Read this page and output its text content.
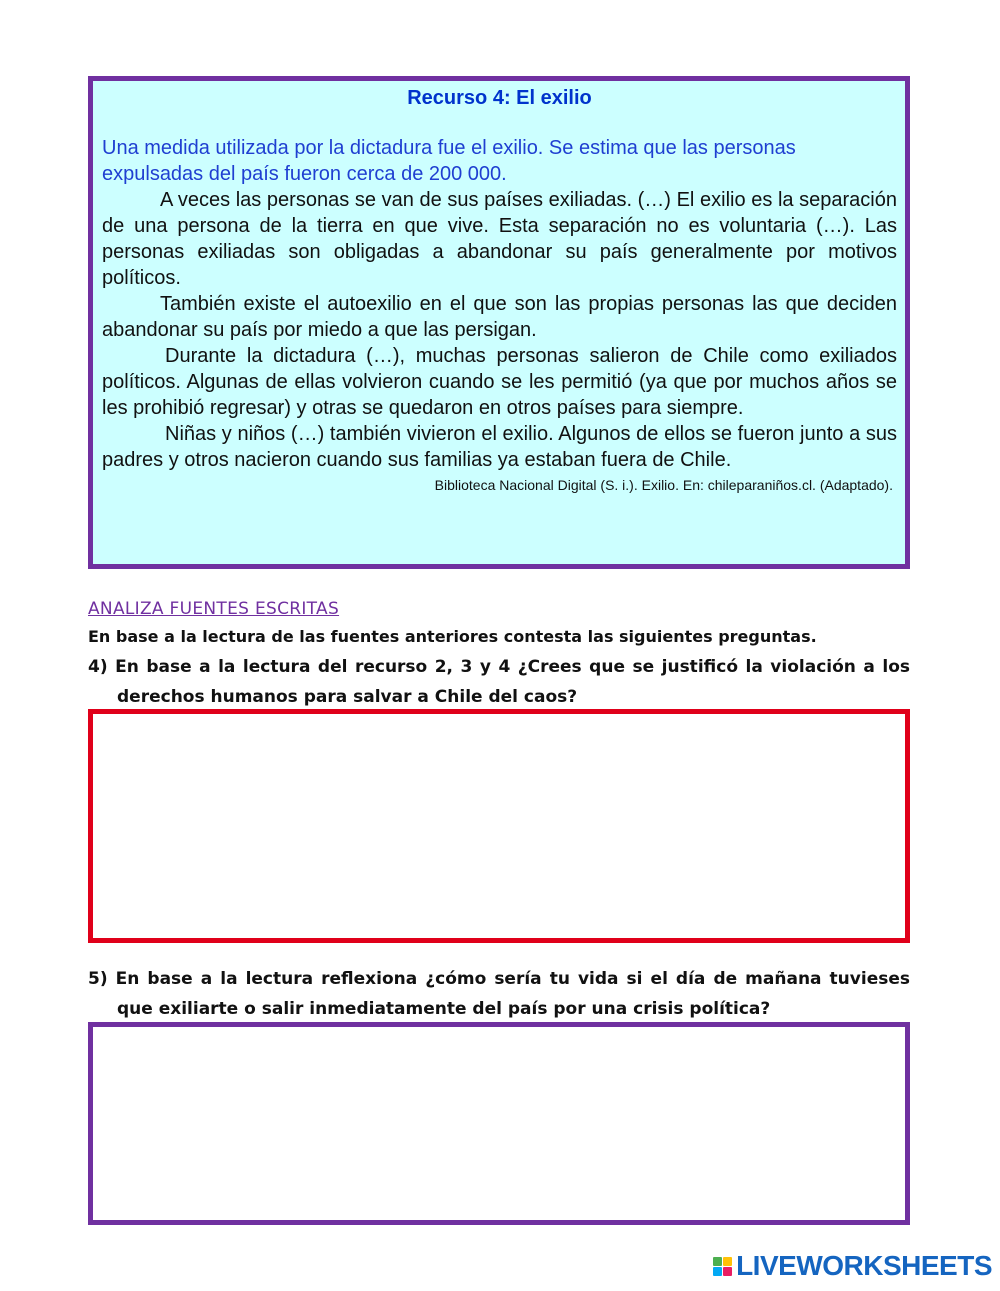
Recurso 4: El exilio

Una medida utilizada por la dictadura fue el exilio. Se estima que las personas expulsadas del país fueron cerca de 200 000.

A veces las personas se van de sus países exiliadas. (…) El exilio es la separación de una persona de la tierra en que vive. Esta separación no es voluntaria (…). Las personas exiliadas son obligadas a abandonar su país generalmente por motivos políticos.

También existe el autoexilio en el que son las propias personas las que deciden abandonar su país por miedo a que las persigan.

Durante la dictadura (…), muchas personas salieron de Chile como exiliados políticos. Algunas de ellas volvieron cuando se les permitió (ya que por muchos años se les prohibió regresar) y otras se quedaron en otros países para siempre.

Niñas y niños (…) también vivieron el exilio. Algunos de ellos se fueron junto a sus padres y otros nacieron cuando sus familias ya estaban fuera de Chile.

Biblioteca Nacional Digital (S. i.). Exilio. En: chileparaniños.cl. (Adaptado).

ANALIZA FUENTES ESCRITAS
En base a la lectura de las fuentes anteriores contesta las siguientes preguntas.
4) En base a la lectura del recurso 2, 3 y 4 ¿Crees que se justificó la violación a los derechos humanos para salvar a Chile del caos?
5) En base a la lectura reflexiona ¿cómo sería tu vida si el día de mañana tuvieses que exiliarte o salir inmediatamente del país por una crisis política?
LIVEWORKSHEETS
